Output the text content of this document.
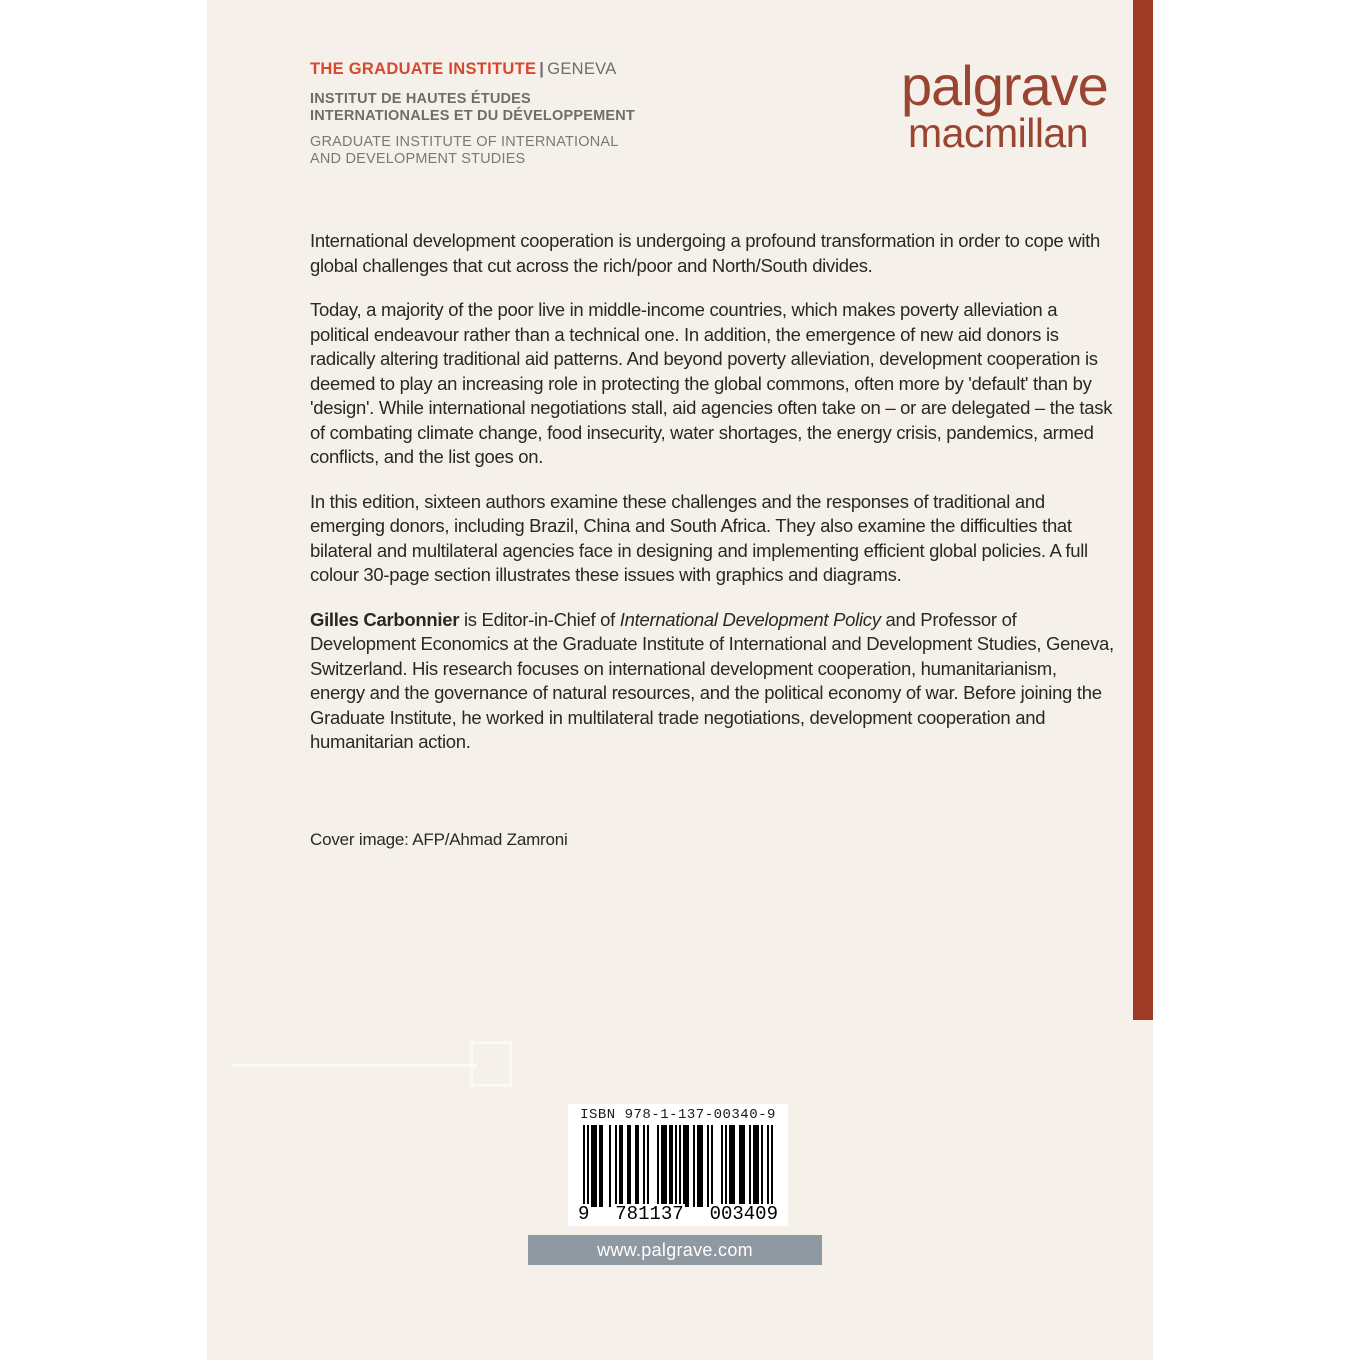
THE GRADUATE INSTITUTE | GENEVA
INSTITUT DE HAUTES ÉTUDES
INTERNATIONALES ET DU DÉVELOPPEMENT
GRADUATE INSTITUTE OF INTERNATIONAL
AND DEVELOPMENT STUDIES
palgrave
macmillan

International development cooperation is undergoing a profound transformation in order to cope with global challenges that cut across the rich/poor and North/South divides.

Today, a majority of the poor live in middle-income countries, which makes poverty alleviation a political endeavour rather than a technical one. In addition, the emergence of new aid donors is radically altering traditional aid patterns. And beyond poverty alleviation, development cooperation is deemed to play an increasing role in protecting the global commons, often more by 'default' than by 'design'. While international negotiations stall, aid agencies often take on – or are delegated – the task of combating climate change, food insecurity, water shortages, the energy crisis, pandemics, armed conflicts, and the list goes on.

In this edition, sixteen authors examine these challenges and the responses of traditional and emerging donors, including Brazil, China and South Africa. They also examine the difficulties that bilateral and multilateral agencies face in designing and implementing efficient global policies. A full colour 30-page section illustrates these issues with graphics and diagrams.

Gilles Carbonnier is Editor-in-Chief of International Development Policy and Professor of Development Economics at the Graduate Institute of International and Development Studies, Geneva, Switzerland. His research focuses on international development cooperation, humanitarianism, energy and the governance of natural resources, and the political economy of war. Before joining the Graduate Institute, he worked in multilateral trade negotiations, development cooperation and humanitarian action.

Cover image: AFP/Ahmad Zamroni
ISBN 978-1-137-00340-9
9 781137 003409
www.palgrave.com
